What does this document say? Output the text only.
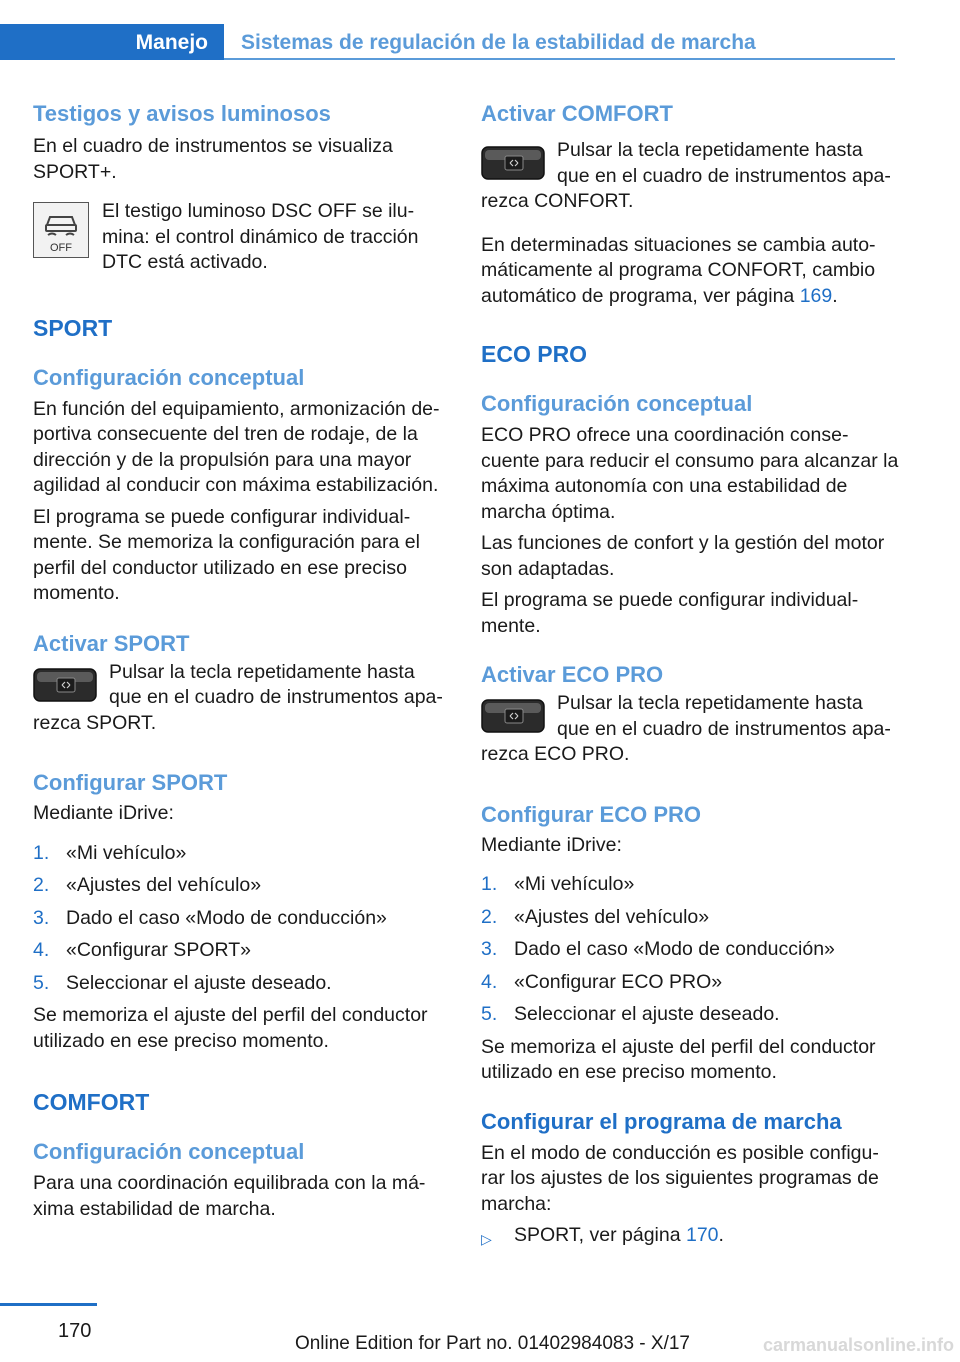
Manejo Sistemas de regulación de la estabilidad de marcha
Testigos y avisos luminosos

En el cuadro de instrumentos se visualiza SPORT+.

OFF

El testigo luminoso DSC OFF se ilu-mina: el control dinámico de tracción DTC está activado.

SPORT
Configuración conceptual

En función del equipamiento, armonización de-portiva consecuente del tren de rodaje, de la dirección y de la propulsión para una mayor agilidad al conducir con máxima estabilización.

El programa se puede configurar individual-mente. Se memoriza la configuración para el perfil del conductor utilizado en ese preciso momento.

Activar SPORT

Pulsar la tecla repetidamente hasta que en el cuadro de instrumentos apa-

rezca SPORT.

Configurar SPORT

Mediante iDrive:

1. «Mi vehículo»
2. «Ajustes del vehículo»
3. Dado el caso «Modo de conducción»
4. «Configurar SPORT»
5. Seleccionar el ajuste deseado.

Se memoriza el ajuste del perfil del conductor utilizado en ese preciso momento.

COMFORT
Configuración conceptual

Para una coordinación equilibrada con la má-xima estabilidad de marcha.

Activar COMFORT

Pulsar la tecla repetidamente hasta que en el cuadro de instrumentos apa-

rezca CONFORT.

En determinadas situaciones se cambia auto-máticamente al programa CONFORT, cambio automático de programa, ver página 169.

ECO PRO
Configuración conceptual

ECO PRO ofrece una coordinación conse-cuente para reducir el consumo para alcanzar la máxima autonomía con una estabilidad de marcha óptima.

Las funciones de confort y la gestión del motor son adaptadas.

El programa se puede configurar individual-mente.

Activar ECO PRO

Pulsar la tecla repetidamente hasta que en el cuadro de instrumentos apa-

rezca ECO PRO.

Configurar ECO PRO

Mediante iDrive:

1. «Mi vehículo»
2. «Ajustes del vehículo»
3. Dado el caso «Modo de conducción»
4. «Configurar ECO PRO»
5. Seleccionar el ajuste deseado.

Se memoriza el ajuste del perfil del conductor utilizado en ese preciso momento.

Configurar el programa de marcha

En el modo de conducción es posible configu-rar los ajustes de los siguientes programas de marcha:

▷	SPORT, ver página 170.
170
Online Edition for Part no. 01402984083 - X/17	carmanualsonline.info
